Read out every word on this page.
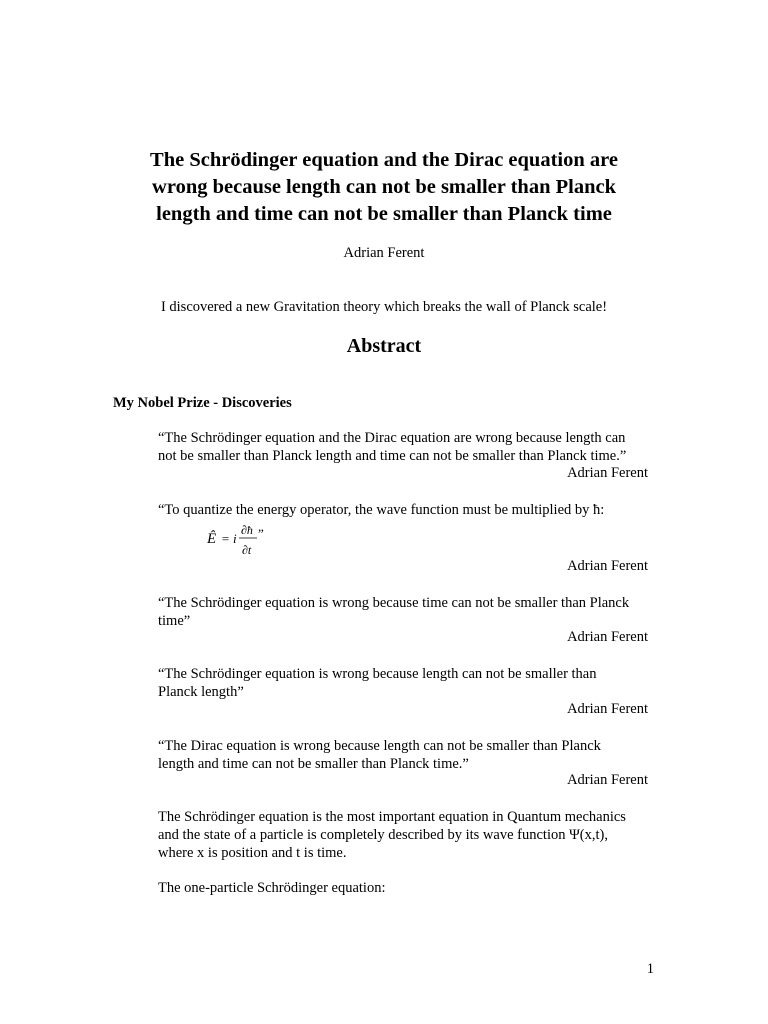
The Schrödinger equation and the Dirac equation are
wrong because length can not be smaller than Planck
length and time can not be smaller than Planck time
Adrian Ferent
I discovered a new Gravitation theory which breaks the wall of Planck scale!
Abstract
My Nobel Prize - Discoveries
“The Schrödinger equation and the Dirac equation are wrong because length can
not be smaller than Planck length and time can not be smaller than Planck time.”
Adrian Ferent
“To quantize the energy operator, the wave function must be multiplied by ħ:
Ê = i
∂ħ
∂t
”
Adrian Ferent
“The Schrödinger equation is wrong because time can not be smaller than Planck
time”
Adrian Ferent
“The Schrödinger equation is wrong because length can not be smaller than
Planck length”
Adrian Ferent
“The Dirac equation is wrong because length can not be smaller than Planck
length and time can not be smaller than Planck time.”
Adrian Ferent
The Schrödinger equation is the most important equation in Quantum mechanics
and the state of a particle is completely described by its wave function Ψ(x,t),
where x is position and t is time.
The one-particle Schrödinger equation:
1
